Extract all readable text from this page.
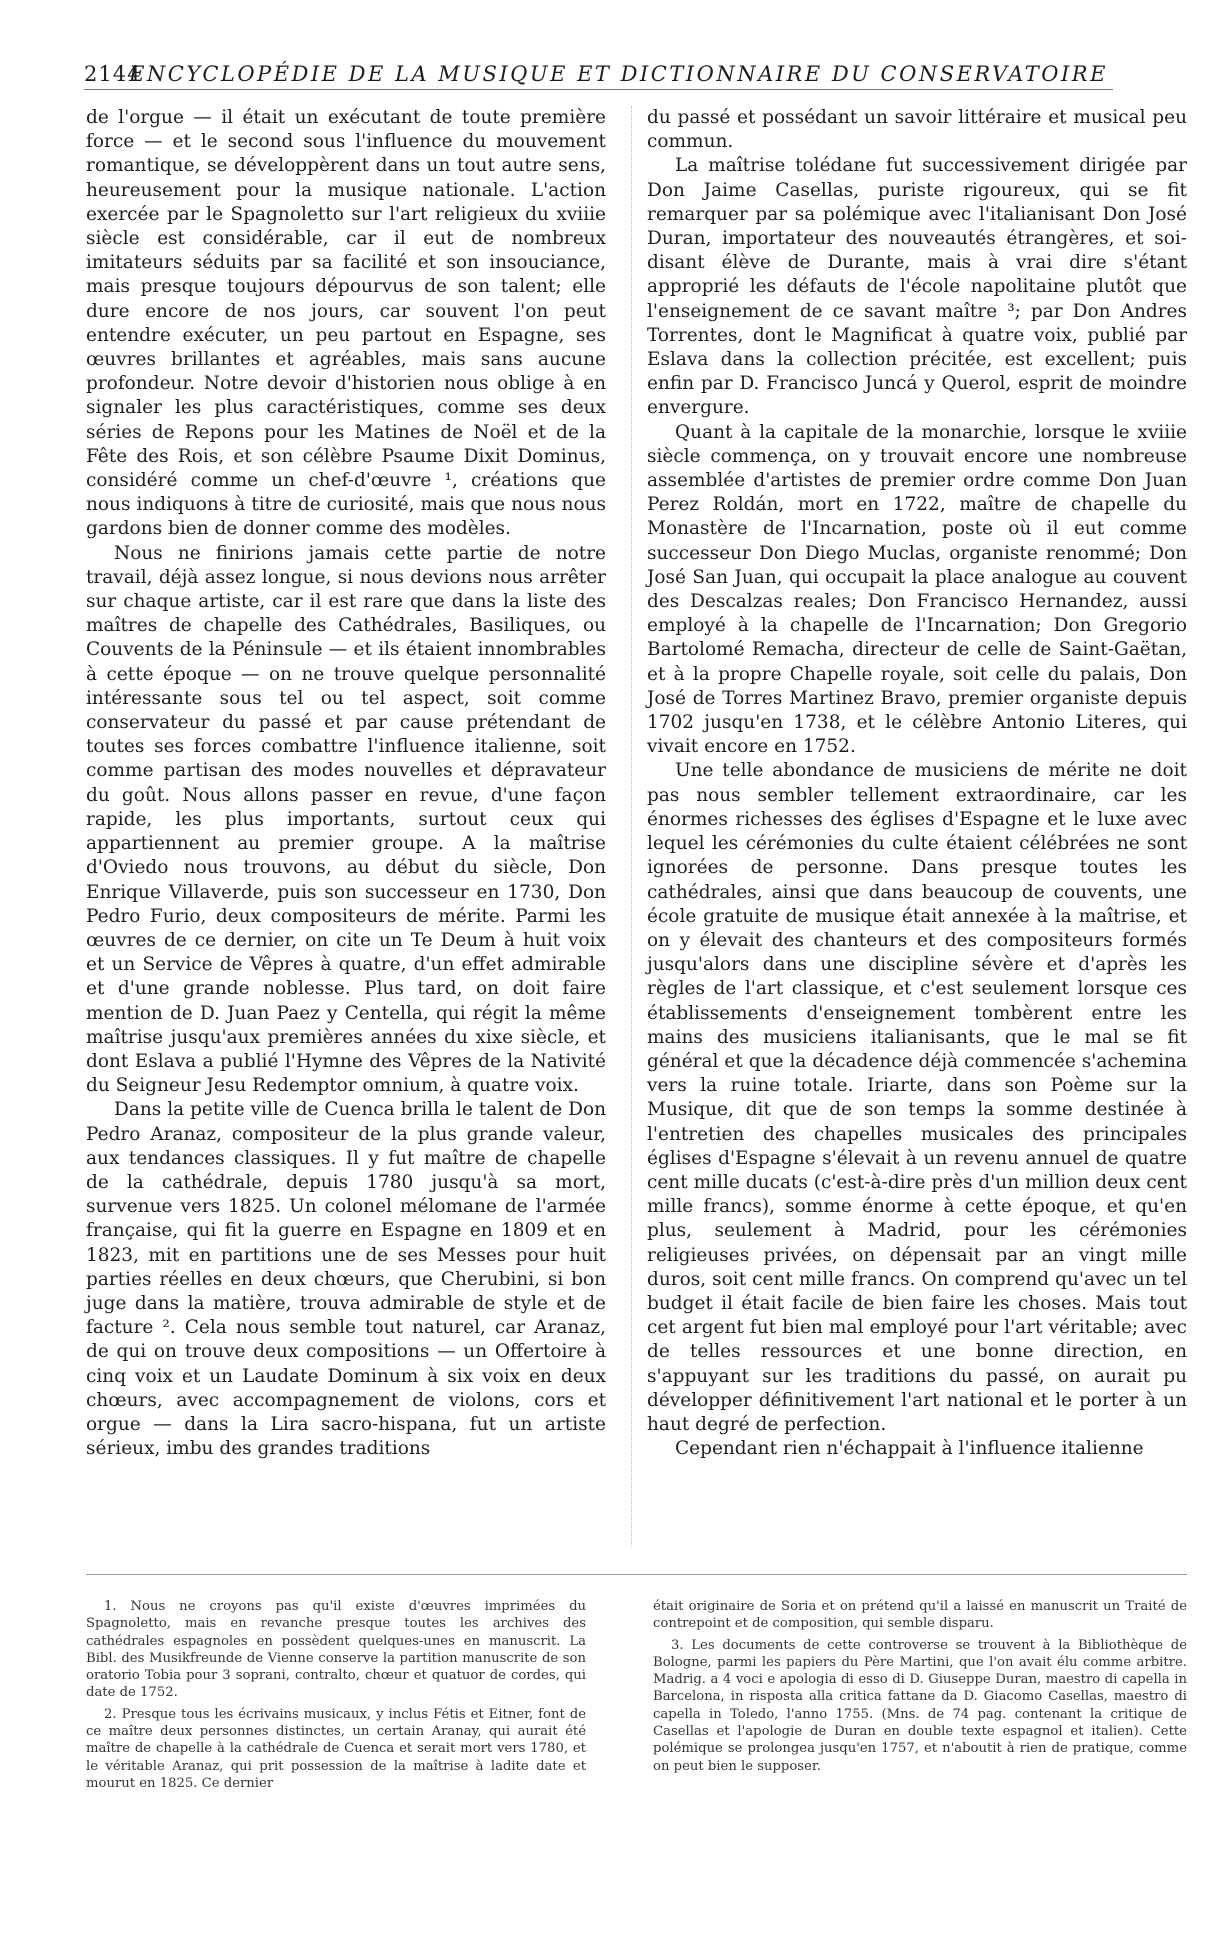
2144
ENCYCLOPÉDIE DE LA MUSIQUE ET DICTIONNAIRE DU CONSERVATOIRE

de l'orgue — il était un exécutant de toute première force — et le second sous l'influence du mouvement romantique, se développèrent dans un tout autre sens, heureusement pour la musique nationale. L'action exercée par le Spagnoletto sur l'art religieux du xviiie siècle est considérable, car il eut de nombreux imitateurs séduits par sa facilité et son insouciance, mais presque toujours dépourvus de son talent; elle dure encore de nos jours, car souvent l'on peut entendre exécuter, un peu partout en Espagne, ses œuvres brillantes et agréables, mais sans aucune profondeur. Notre devoir d'historien nous oblige à en signaler les plus caractéristiques, comme ses deux séries de Repons pour les Matines de Noël et de la Fête des Rois, et son célèbre Psaume Dixit Dominus, considéré comme un chef-d'œuvre ¹, créations que nous indiquons à titre de curiosité, mais que nous nous gardons bien de donner comme des modèles.

Nous ne finirions jamais cette partie de notre travail, déjà assez longue, si nous devions nous arrêter sur chaque artiste, car il est rare que dans la liste des maîtres de chapelle des Cathédrales, Basiliques, ou Couvents de la Péninsule — et ils étaient innombrables à cette époque — on ne trouve quelque personnalité intéressante sous tel ou tel aspect, soit comme conservateur du passé et par cause prétendant de toutes ses forces combattre l'influence italienne, soit comme partisan des modes nouvelles et dépravateur du goût. Nous allons passer en revue, d'une façon rapide, les plus importants, surtout ceux qui appartiennent au premier groupe. A la maîtrise d'Oviedo nous trouvons, au début du siècle, Don Enrique Villaverde, puis son successeur en 1730, Don Pedro Furio, deux compositeurs de mérite. Parmi les œuvres de ce dernier, on cite un Te Deum à huit voix et un Service de Vêpres à quatre, d'un effet admirable et d'une grande noblesse. Plus tard, on doit faire mention de D. Juan Paez y Centella, qui régit la même maîtrise jusqu'aux premières années du xixe siècle, et dont Eslava a publié l'Hymne des Vêpres de la Nativité du Seigneur Jesu Redemptor omnium, à quatre voix.

Dans la petite ville de Cuenca brilla le talent de Don Pedro Aranaz, compositeur de la plus grande valeur, aux tendances classiques. Il y fut maître de chapelle de la cathédrale, depuis 1780 jusqu'à sa mort, survenue vers 1825. Un colonel mélomane de l'armée française, qui fit la guerre en Espagne en 1809 et en 1823, mit en partitions une de ses Messes pour huit parties réelles en deux chœurs, que Cherubini, si bon juge dans la matière, trouva admirable de style et de facture ². Cela nous semble tout naturel, car Aranaz, de qui on trouve deux compositions — un Offertoire à cinq voix et un Laudate Dominum à six voix en deux chœurs, avec accompagnement de violons, cors et orgue — dans la Lira sacro-hispana, fut un artiste sérieux, imbu des grandes traditions

du passé et possédant un savoir littéraire et musical peu commun.

La maîtrise tolédane fut successivement dirigée par Don Jaime Casellas, puriste rigoureux, qui se fit remarquer par sa polémique avec l'italianisant Don José Duran, importateur des nouveautés étrangères, et soi-disant élève de Durante, mais à vrai dire s'étant approprié les défauts de l'école napolitaine plutôt que l'enseignement de ce savant maître ³; par Don Andres Torrentes, dont le Magnificat à quatre voix, publié par Eslava dans la collection précitée, est excellent; puis enfin par D. Francisco Juncá y Querol, esprit de moindre envergure.

Quant à la capitale de la monarchie, lorsque le xviiie siècle commença, on y trouvait encore une nombreuse assemblée d'artistes de premier ordre comme Don Juan Perez Roldán, mort en 1722, maître de chapelle du Monastère de l'Incarnation, poste où il eut comme successeur Don Diego Muclas, organiste renommé; Don José San Juan, qui occupait la place analogue au couvent des Descalzas reales; Don Francisco Hernandez, aussi employé à la chapelle de l'Incarnation; Don Gregorio Bartolomé Remacha, directeur de celle de Saint-Gaëtan, et à la propre Chapelle royale, soit celle du palais, Don José de Torres Martinez Bravo, premier organiste depuis 1702 jusqu'en 1738, et le célèbre Antonio Literes, qui vivait encore en 1752.

Une telle abondance de musiciens de mérite ne doit pas nous sembler tellement extraordinaire, car les énormes richesses des églises d'Espagne et le luxe avec lequel les cérémonies du culte étaient célébrées ne sont ignorées de personne. Dans presque toutes les cathédrales, ainsi que dans beaucoup de couvents, une école gratuite de musique était annexée à la maîtrise, et on y élevait des chanteurs et des compositeurs formés jusqu'alors dans une discipline sévère et d'après les règles de l'art classique, et c'est seulement lorsque ces établissements d'enseignement tombèrent entre les mains des musiciens italianisants, que le mal se fit général et que la décadence déjà commencée s'achemina vers la ruine totale. Iriarte, dans son Poème sur la Musique, dit que de son temps la somme destinée à l'entretien des chapelles musicales des principales églises d'Espagne s'élevait à un revenu annuel de quatre cent mille ducats (c'est-à-dire près d'un million deux cent mille francs), somme énorme à cette époque, et qu'en plus, seulement à Madrid, pour les cérémonies religieuses privées, on dépensait par an vingt mille duros, soit cent mille francs. On comprend qu'avec un tel budget il était facile de bien faire les choses. Mais tout cet argent fut bien mal employé pour l'art véritable; avec de telles ressources et une bonne direction, en s'appuyant sur les traditions du passé, on aurait pu développer définitivement l'art national et le porter à un haut degré de perfection.

Cependant rien n'échappait à l'influence italienne

1. Nous ne croyons pas qu'il existe d'œuvres imprimées du Spagnoletto, mais en revanche presque toutes les archives des cathédrales espagnoles en possèdent quelques-unes en manuscrit. La Bibl. des Musikfreunde de Vienne conserve la partition manuscrite de son oratorio Tobia pour 3 soprani, contralto, chœur et quatuor de cordes, qui date de 1752.

2. Presque tous les écrivains musicaux, y inclus Fétis et Eitner, font de ce maître deux personnes distinctes, un certain Aranay, qui aurait été maître de chapelle à la cathédrale de Cuenca et serait mort vers 1780, et le véritable Aranaz, qui prit possession de la maîtrise à ladite date et mourut en 1825. Ce dernier

était originaire de Soria et on prétend qu'il a laissé en manuscrit un Traité de contrepoint et de composition, qui semble disparu.

3. Les documents de cette controverse se trouvent à la Bibliothèque de Bologne, parmi les papiers du Père Martini, que l'on avait élu comme arbitre. Madrig. a 4 voci e apologia di esso di D. Giuseppe Duran, maestro di capella in Barcelona, in risposta alla critica fattane da D. Giacomo Casellas, maestro di capella in Toledo, l'anno 1755. (Mns. de 74 pag. contenant la critique de Casellas et l'apologie de Duran en double texte espagnol et italien). Cette polémique se prolongea jusqu'en 1757, et n'aboutit à rien de pratique, comme on peut bien le supposer.
